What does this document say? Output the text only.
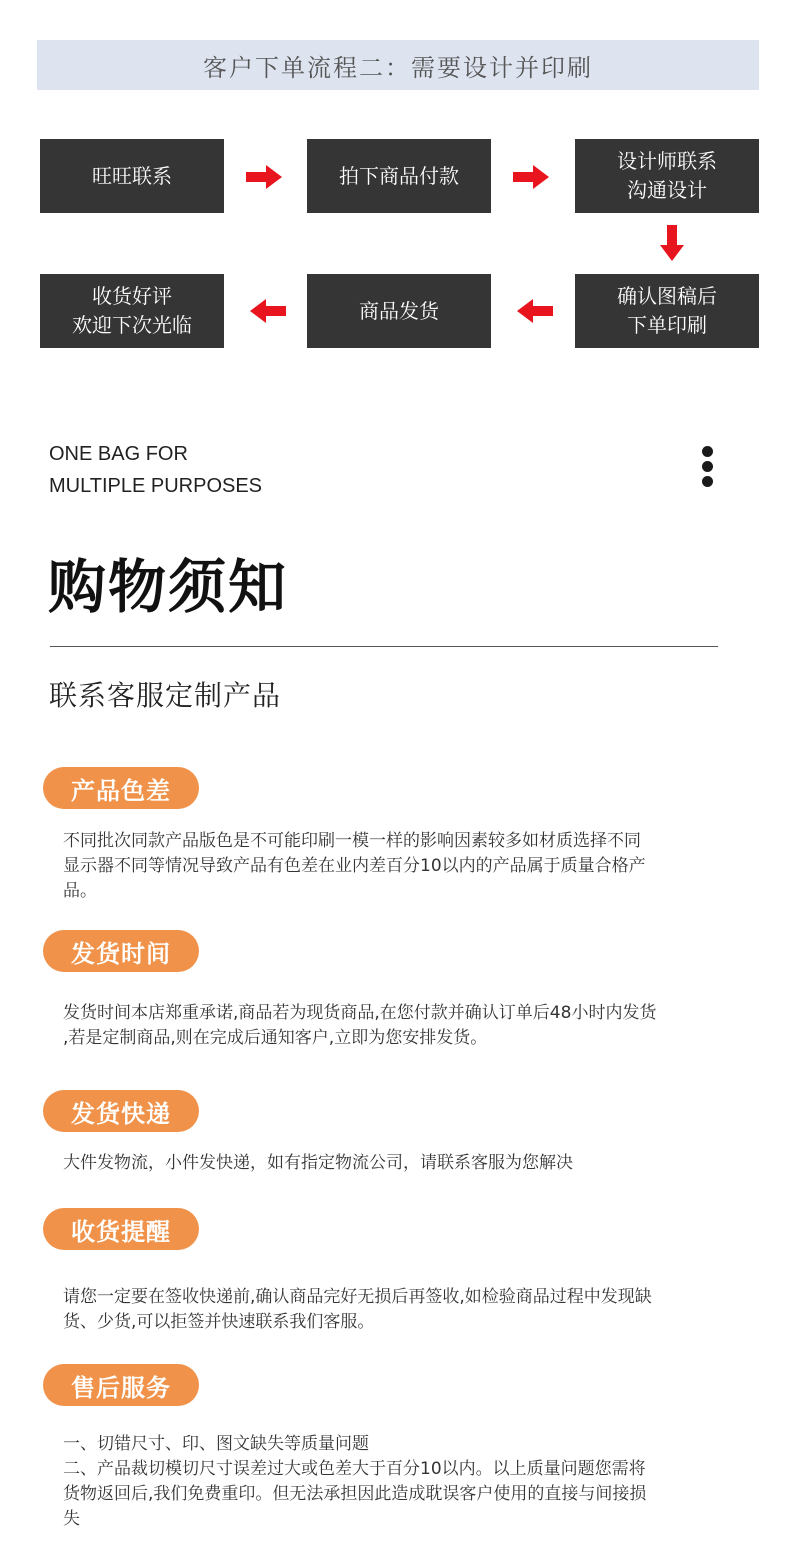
客户下单流程二：需要设计并印刷
旺旺联系	拍下商品付款
设计师联系
沟通设计
确认图稿后
下单印刷
商品发货
收货好评
欢迎下次光临
ONE BAG FOR
MULTIPLE PURPOSES
购物须知
联系客服定制产品
产品色差
不同批次同款产品版色是不可能印刷一模一样的影响因素较多如材质选择不同
显示器不同等情况导致产品有色差在业内差百分10以内的产品属于质量合格产
品。
发货时间
发货时间本店郑重承诺,商品若为现货商品,在您付款并确认订单后48小时内发货
,若是定制商品,则在完成后通知客户,立即为您安排发货。
发货快递
大件发物流，小件发快递，如有指定物流公司，请联系客服为您解决
收货提醒
请您一定要在签收快递前,确认商品完好无损后再签收,如检验商品过程中发现缺
货、少货,可以拒签并快速联系我们客服。
售后服务
一、切错尺寸、印、图文缺失等质量问题
二、产品裁切模切尺寸误差过大或色差大于百分10以内。以上质量问题您需将
货物返回后,我们免费重印。但无法承担因此造成耽误客户使用的直接与间接损
失
